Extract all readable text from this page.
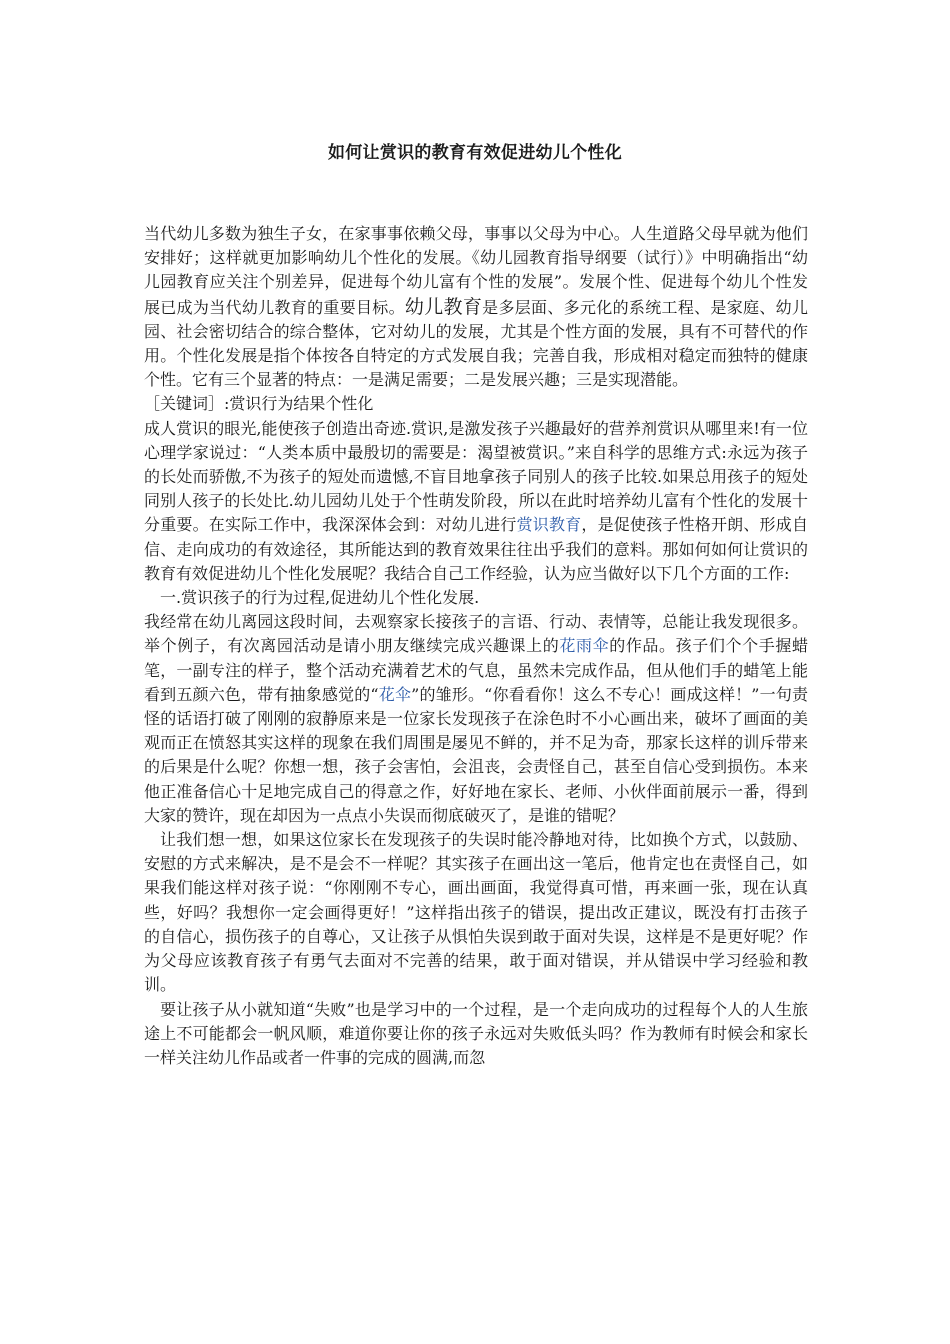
如何让赏识的教育有效促进幼儿个性化

当代幼儿多数为独生子女，在家事事依赖父母，事事以父母为中心。人生道路父母早就为他们安排好；这样就更加影响幼儿个性化的发展。《幼儿园教育指导纲要（试行）》中明确指出“幼儿园教育应关注个别差异，促进每个幼儿富有个性的发展”。发展个性、促进每个幼儿个性发展已成为当代幼儿教育的重要目标。幼儿教育是多层面、多元化的系统工程、是家庭、幼儿园、社会密切结合的综合整体，它对幼儿的发展，尤其是个性方面的发展，具有不可替代的作用。个性化发展是指个体按各自特定的方式发展自我；完善自我，形成相对稳定而独特的健康个性。它有三个显著的特点：一是满足需要；二是发展兴趣；三是实现潜能。

［关键词］:赏识行为结果个性化

成人赏识的眼光,能使孩子创造出奇迹.赏识,是激发孩子兴趣最好的营养剂赏识从哪里来!有一位心理学家说过：“人类本质中最殷切的需要是：渴望被赏识。”来自科学的思维方式:永远为孩子的长处而骄傲,不为孩子的短处而遗憾,不盲目地拿孩子同别人的孩子比较.如果总用孩子的短处同别人孩子的长处比.幼儿园幼儿处于个性萌发阶段，所以在此时培养幼儿富有个性化的发展十分重要。在实际工作中，我深深体会到：对幼儿进行赏识教育，是促使孩子性格开朗、形成自信、走向成功的有效途径，其所能达到的教育效果往往出乎我们的意料。那如何如何让赏识的教育有效促进幼儿个性化发展呢？我结合自己工作经验，认为应当做好以下几个方面的工作:

一.赏识孩子的行为过程,促进幼儿个性化发展.

我经常在幼儿离园这段时间，去观察家长接孩子的言语、行动、表情等，总能让我发现很多。举个例子，有次离园活动是请小朋友继续完成兴趣课上的花雨伞的作品。孩子们个个手握蜡笔，一副专注的样子，整个活动充满着艺术的气息，虽然未完成作品，但从他们手的蜡笔上能看到五颜六色，带有抽象感觉的“花伞”的雏形。“你看看你！这么不专心！画成这样！”一句责怪的话语打破了刚刚的寂静原来是一位家长发现孩子在涂色时不小心画出来，破坏了画面的美观而正在愤怒其实这样的现象在我们周围是屡见不鲜的，并不足为奇，那家长这样的训斥带来的后果是什么呢？你想一想，孩子会害怕，会沮丧，会责怪自己，甚至自信心受到损伤。本来他正准备信心十足地完成自己的得意之作，好好地在家长、老师、小伙伴面前展示一番，得到大家的赞许，现在却因为一点点小失误而彻底破灭了，是谁的错呢？

让我们想一想，如果这位家长在发现孩子的失误时能冷静地对待，比如换个方式，以鼓励、安慰的方式来解决，是不是会不一样呢？其实孩子在画出这一笔后，他肯定也在责怪自己，如果我们能这样对孩子说：“你刚刚不专心，画出画面，我觉得真可惜，再来画一张，现在认真些，好吗？我想你一定会画得更好！”这样指出孩子的错误，提出改正建议，既没有打击孩子的自信心，损伤孩子的自尊心，又让孩子从惧怕失误到敢于面对失误，这样是不是更好呢？作为父母应该教育孩子有勇气去面对不完善的结果，敢于面对错误，并从错误中学习经验和教训。

要让孩子从小就知道“失败”也是学习中的一个过程，是一个走向成功的过程每个人的人生旅途上不可能都会一帆风顺，难道你要让你的孩子永远对失败低头吗？作为教师有时候会和家长一样关注幼儿作品或者一件事的完成的圆满,而忽
